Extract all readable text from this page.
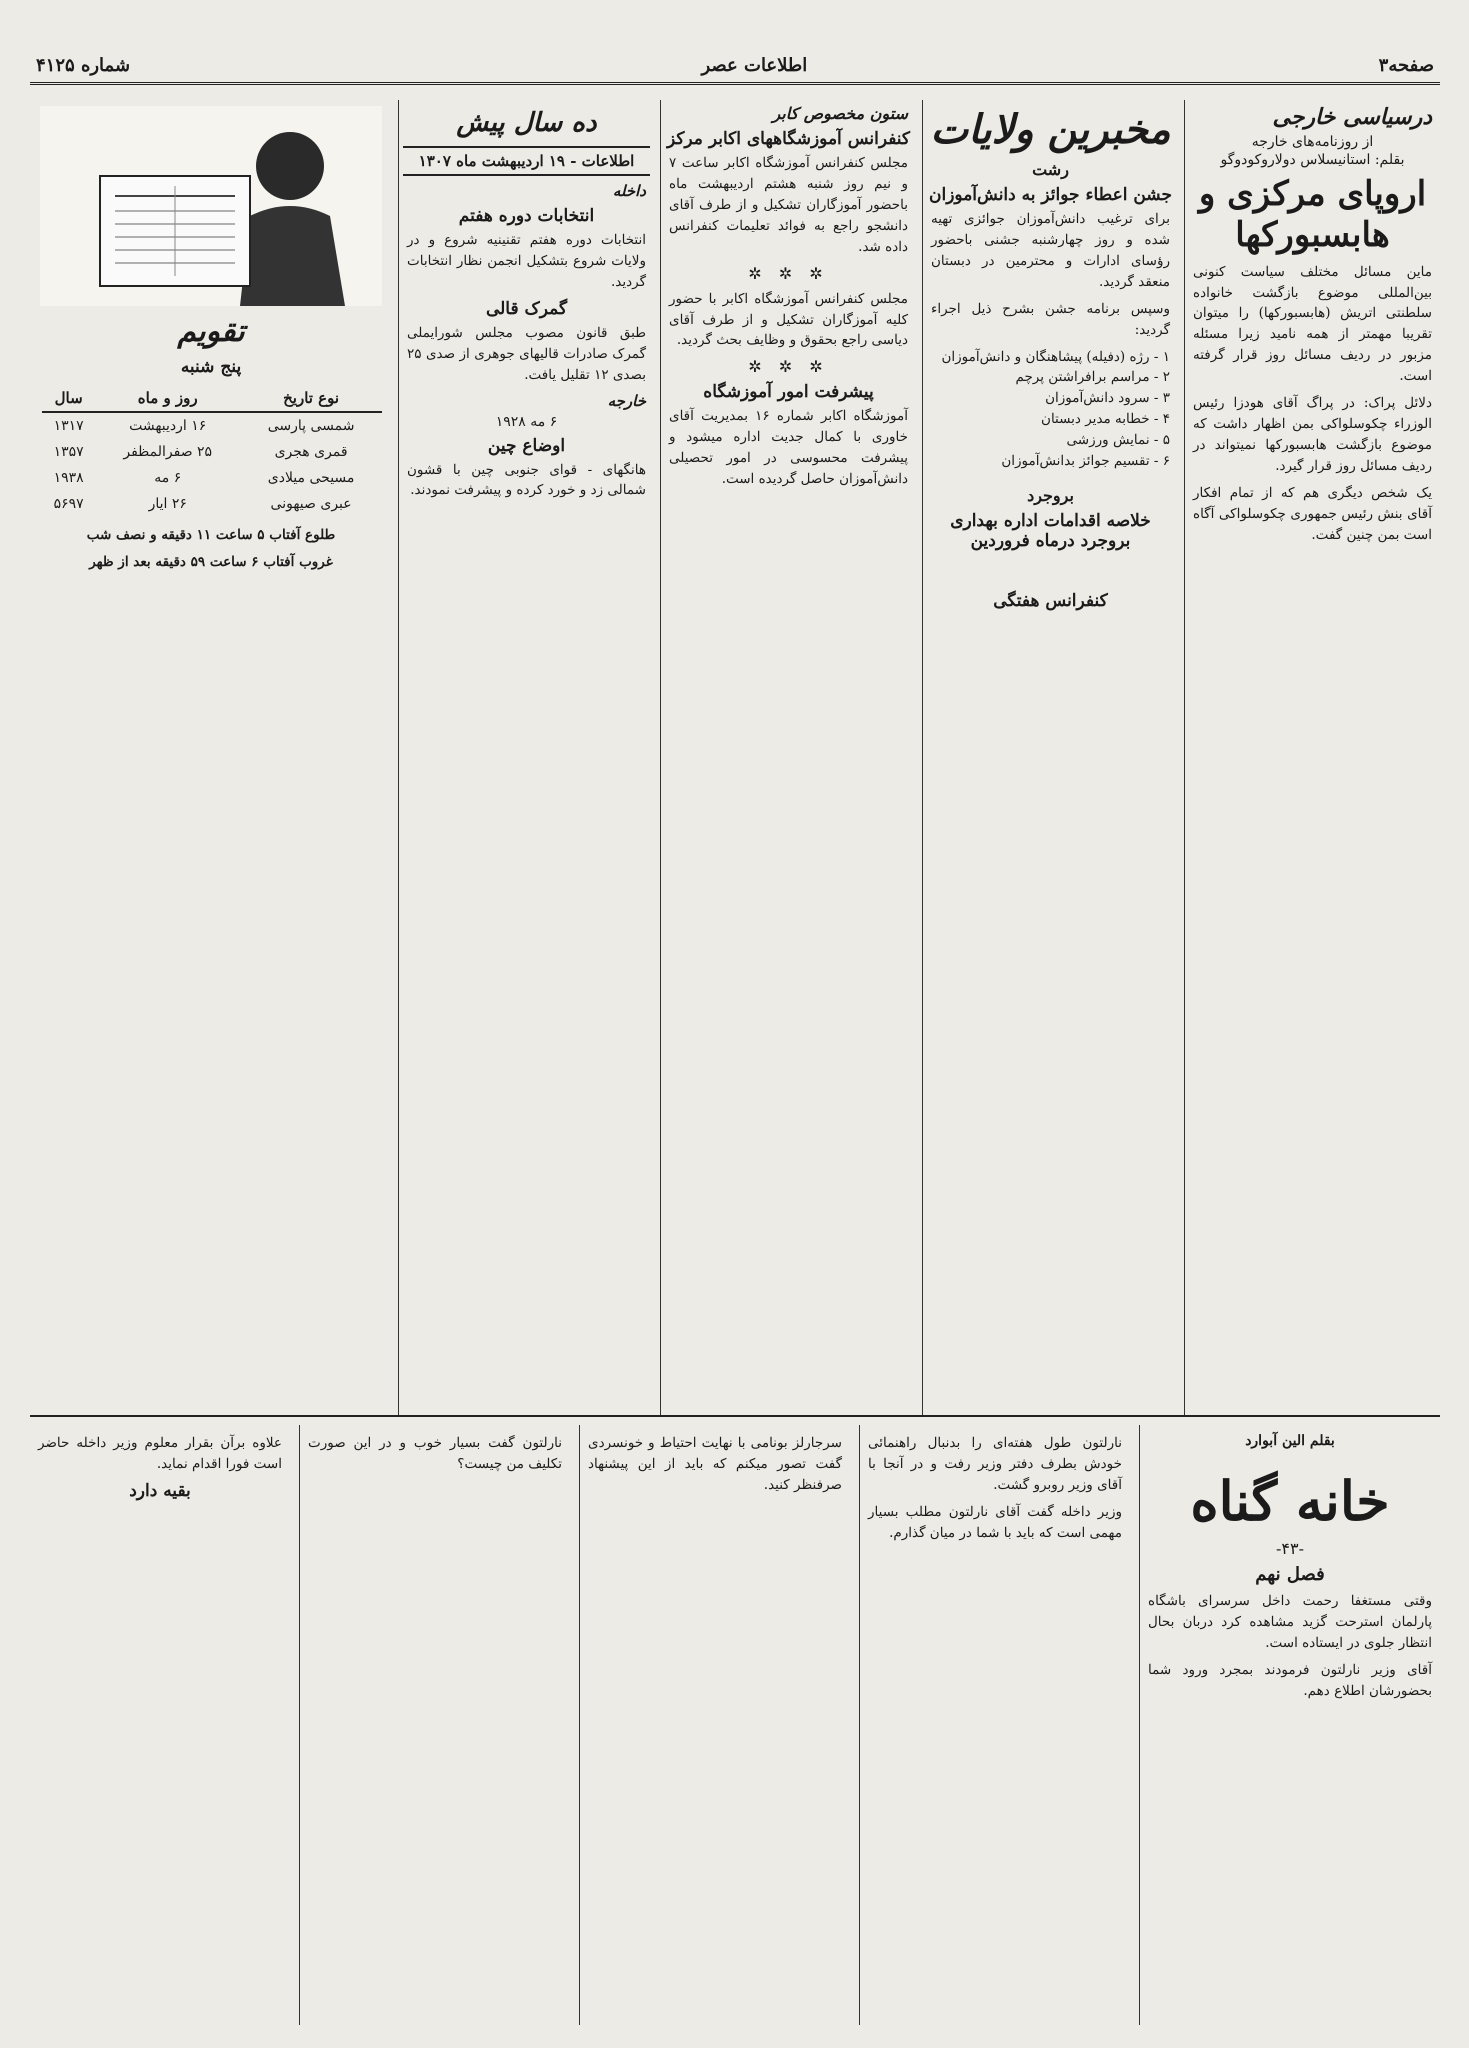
صفحه۳
اطلاعات عصر
شماره ۴۱۲۵
درسیاسی خارجی
از روزنامه‌های خارجه
بقلم: استانیسلاس دولاروکودوگو
اروپای مرکزی و هابسبورکها
ماین مسائل مختلف سیاست کنونی بین‌المللی موضوع بازگشت خانواده سلطنتی اتریش (هابسبورکها) را میتوان تقریبا مهمتر از همه نامید زیرا مسئله مزبور در ردیف مسائل روز قرار گرفته است.
دلائل پراک: در پراگ آقای هودزا رئیس الوزراء چکوسلواکی بمن اظهار داشت که موضوع بازگشت هابسبورکها نمیتواند در ردیف مسائل روز قرار گیرد.
یک شخص دیگری هم که از تمام افکار آقای بنش رئیس جمهوری چکوسلواکی آگاه است بمن چنین گفت.
مخبرین ولایات
رشت
جشن اعطاء جوائز به دانش‌آموزان
برای ترغیب دانش‌آموزان جوائزی تهیه شده و روز چهارشنبه جشنی باحضور رؤسای ادارات و محترمین در دبستان منعقد گردید.
وسپس برنامه جشن بشرح ذیل اجراء گردید:
۱ - رژه (دفیله) پیشاهنگان و دانش‌آموزان
۲ - مراسم برافراشتن پرچم
۳ - سرود دانش‌آموزان
۴ - خطابه مدیر دبستان
۵ - نمایش ورزشی
۶ - تقسیم جوائز بدانش‌آموزان
بروجرد
خلاصه اقدامات اداره بهداری بروجرد درماه فروردین
کنفرانس هفتگی
ستون مخصوص کابر
کنفرانس آموزشگاههای اکابر مرکز
مجلس کنفرانس آموزشگاه اکابر ساعت ۷ و نیم روز شنبه هشتم اردیبهشت ماه باحضور آموزگاران تشکیل و از طرف آقای دانشجو راجع به فوائد تعلیمات کنفرانس داده شد.
✲ ✲ ✲
مجلس کنفرانس آموزشگاه اکابر با حضور کلیه آموزگاران تشکیل و از طرف آقای دیاسی راجع بحقوق و وظایف بحث گردید.
✲ ✲ ✲
پیشرفت امور آموزشگاه
آموزشگاه اکابر شماره ۱۶ بمدیریت آقای خاوری با کمال جدیت اداره میشود و پیشرفت محسوسی در امور تحصیلی دانش‌آموزان حاصل گردیده است.
ده سال پیش
اطلاعات - ۱۹ اردیبهشت ماه ۱۳۰۷
داخله
انتخابات دوره هفتم
انتخابات دوره هفتم تقنینیه شروع و در ولایات شروع بتشکیل انجمن نظار انتخابات گردید.
گمرک قالی
طبق قانون مصوب مجلس شورایملی گمرک صادرات قالیهای جوهری از صدی ۲۵ بصدی ۱۲ تقلیل یافت.
خارجه
۶ مه ۱۹۲۸
اوضاع چین
هانگهای - قوای جنوبی چین با قشون شمالی زد و خورد کرده و پیشرفت نمودند.
تقویم
پنج شنبه
نوع تاریخ	روز و ماه	سال
شمسی پارسی	۱۶ اردیبهشت	۱۳۱۷
قمری هجری	۲۵ صفرالمظفر	۱۳۵۷
مسیحی میلادی	۶ مه	۱۹۳۸
عبری صیهونی	۲۶ ایار	۵۶۹۷
طلوع آفتاب ۵ ساعت ۱۱ دقیقه و نصف شب
غروب آفتاب ۶ ساعت ۵۹ دقیقه بعد از ظهر
بقلم الین آبوارد
خانه گناه
-۴۳-
فصل نهم
وقتی مستغفا رحمت داخل سرسرای باشگاه پارلمان استرحت گزید مشاهده کرد دربان بحال انتظار جلوی در ایستاده است.
آقای وزیر نارلتون فرمودند بمجرد ورود شما بحضورشان اطلاع دهم.
نارلتون طول هفته‌ای را بدنبال راهنمائی خودش بطرف دفتر وزیر رفت و در آنجا با آقای وزیر روبرو گشت.
وزیر داخله گفت آقای نارلتون مطلب بسیار مهمی است که باید با شما در میان گذارم.
سرجارلز بونامی با نهایت احتیاط و خونسردی گفت تصور میکنم که باید از این پیشنهاد صرفنظر کنید.
نارلتون گفت بسیار خوب و در این صورت تکلیف من چیست؟
علاوه برآن بقرار معلوم وزیر داخله حاضر است فورا اقدام نماید.
بقیه دارد
